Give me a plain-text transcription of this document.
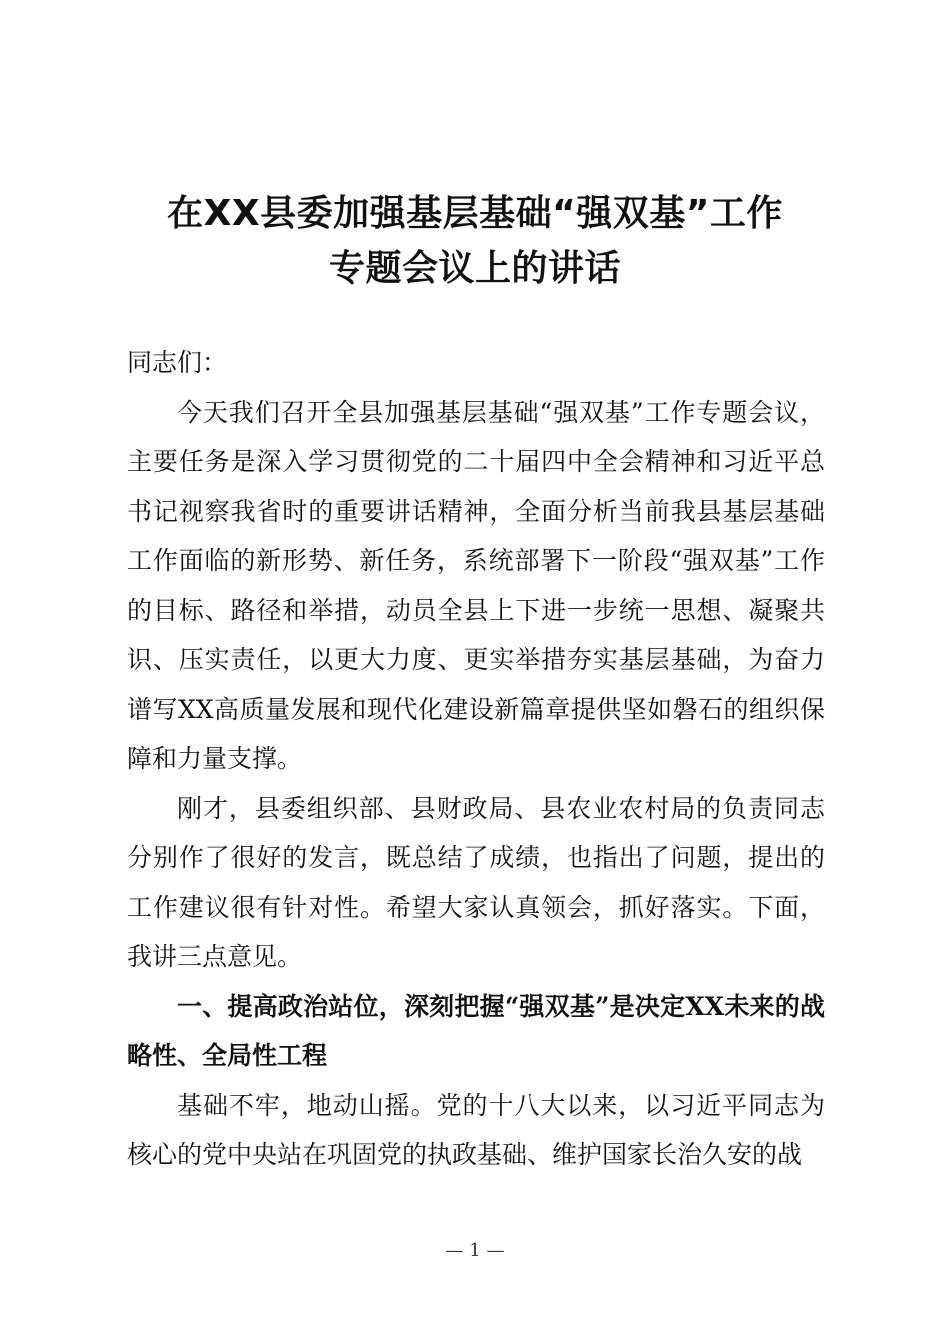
在XX县委加强基层基础“强双基”工作
专题会议上的讲话

同志们：

今天我们召开全县加强基层基础“强双基”工作专题会议，主要任务是深入学习贯彻党的二十届四中全会精神和习近平总书记视察我省时的重要讲话精神，全面分析当前我县基层基础工作面临的新形势、新任务，系统部署下一阶段“强双基”工作的目标、路径和举措，动员全县上下进一步统一思想、凝聚共识、压实责任，以更大力度、更实举措夯实基层基础，为奋力谱写XX高质量发展和现代化建设新篇章提供坚如磐石的组织保障和力量支撑。

刚才，县委组织部、县财政局、县农业农村局的负责同志分别作了很好的发言，既总结了成绩，也指出了问题，提出的工作建议很有针对性。希望大家认真领会，抓好落实。下面，我讲三点意见。

一、提高政治站位，深刻把握“强双基”是决定XX未来的战略性、全局性工程

基础不牢，地动山摇。党的十八大以来，以习近平同志为核心的党中央站在巩固党的执政基础、维护国家长治久安的战

— 1 —
